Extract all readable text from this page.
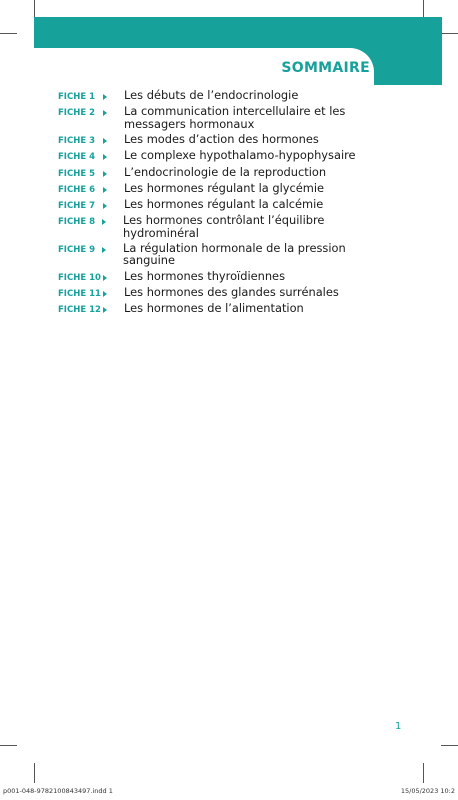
SOMMAIRE
FICHE 1	Les débuts de l’endocrinologie
FICHE 2	La communication intercellulaire et les messagers hormonaux
FICHE 3	Les modes d’action des hormones
FICHE 4	Le complexe hypothalamo-hypophysaire
FICHE 5	L’endocrinologie de la reproduction
FICHE 6	Les hormones régulant la glycémie
FICHE 7	Les hormones régulant la calcémie
FICHE 8 Les hormones contrôlant l’équilibre hydrominéral
FICHE 9 La régulation hormonale de la pression sanguine
FICHE 10 Les hormones thyroïdiennes
FICHE 11 Les hormones des glandes surrénales
FICHE 12 Les hormones de l’alimentation
1
p001-048-9782100843497.indd 1	15/05/2023 10:2
